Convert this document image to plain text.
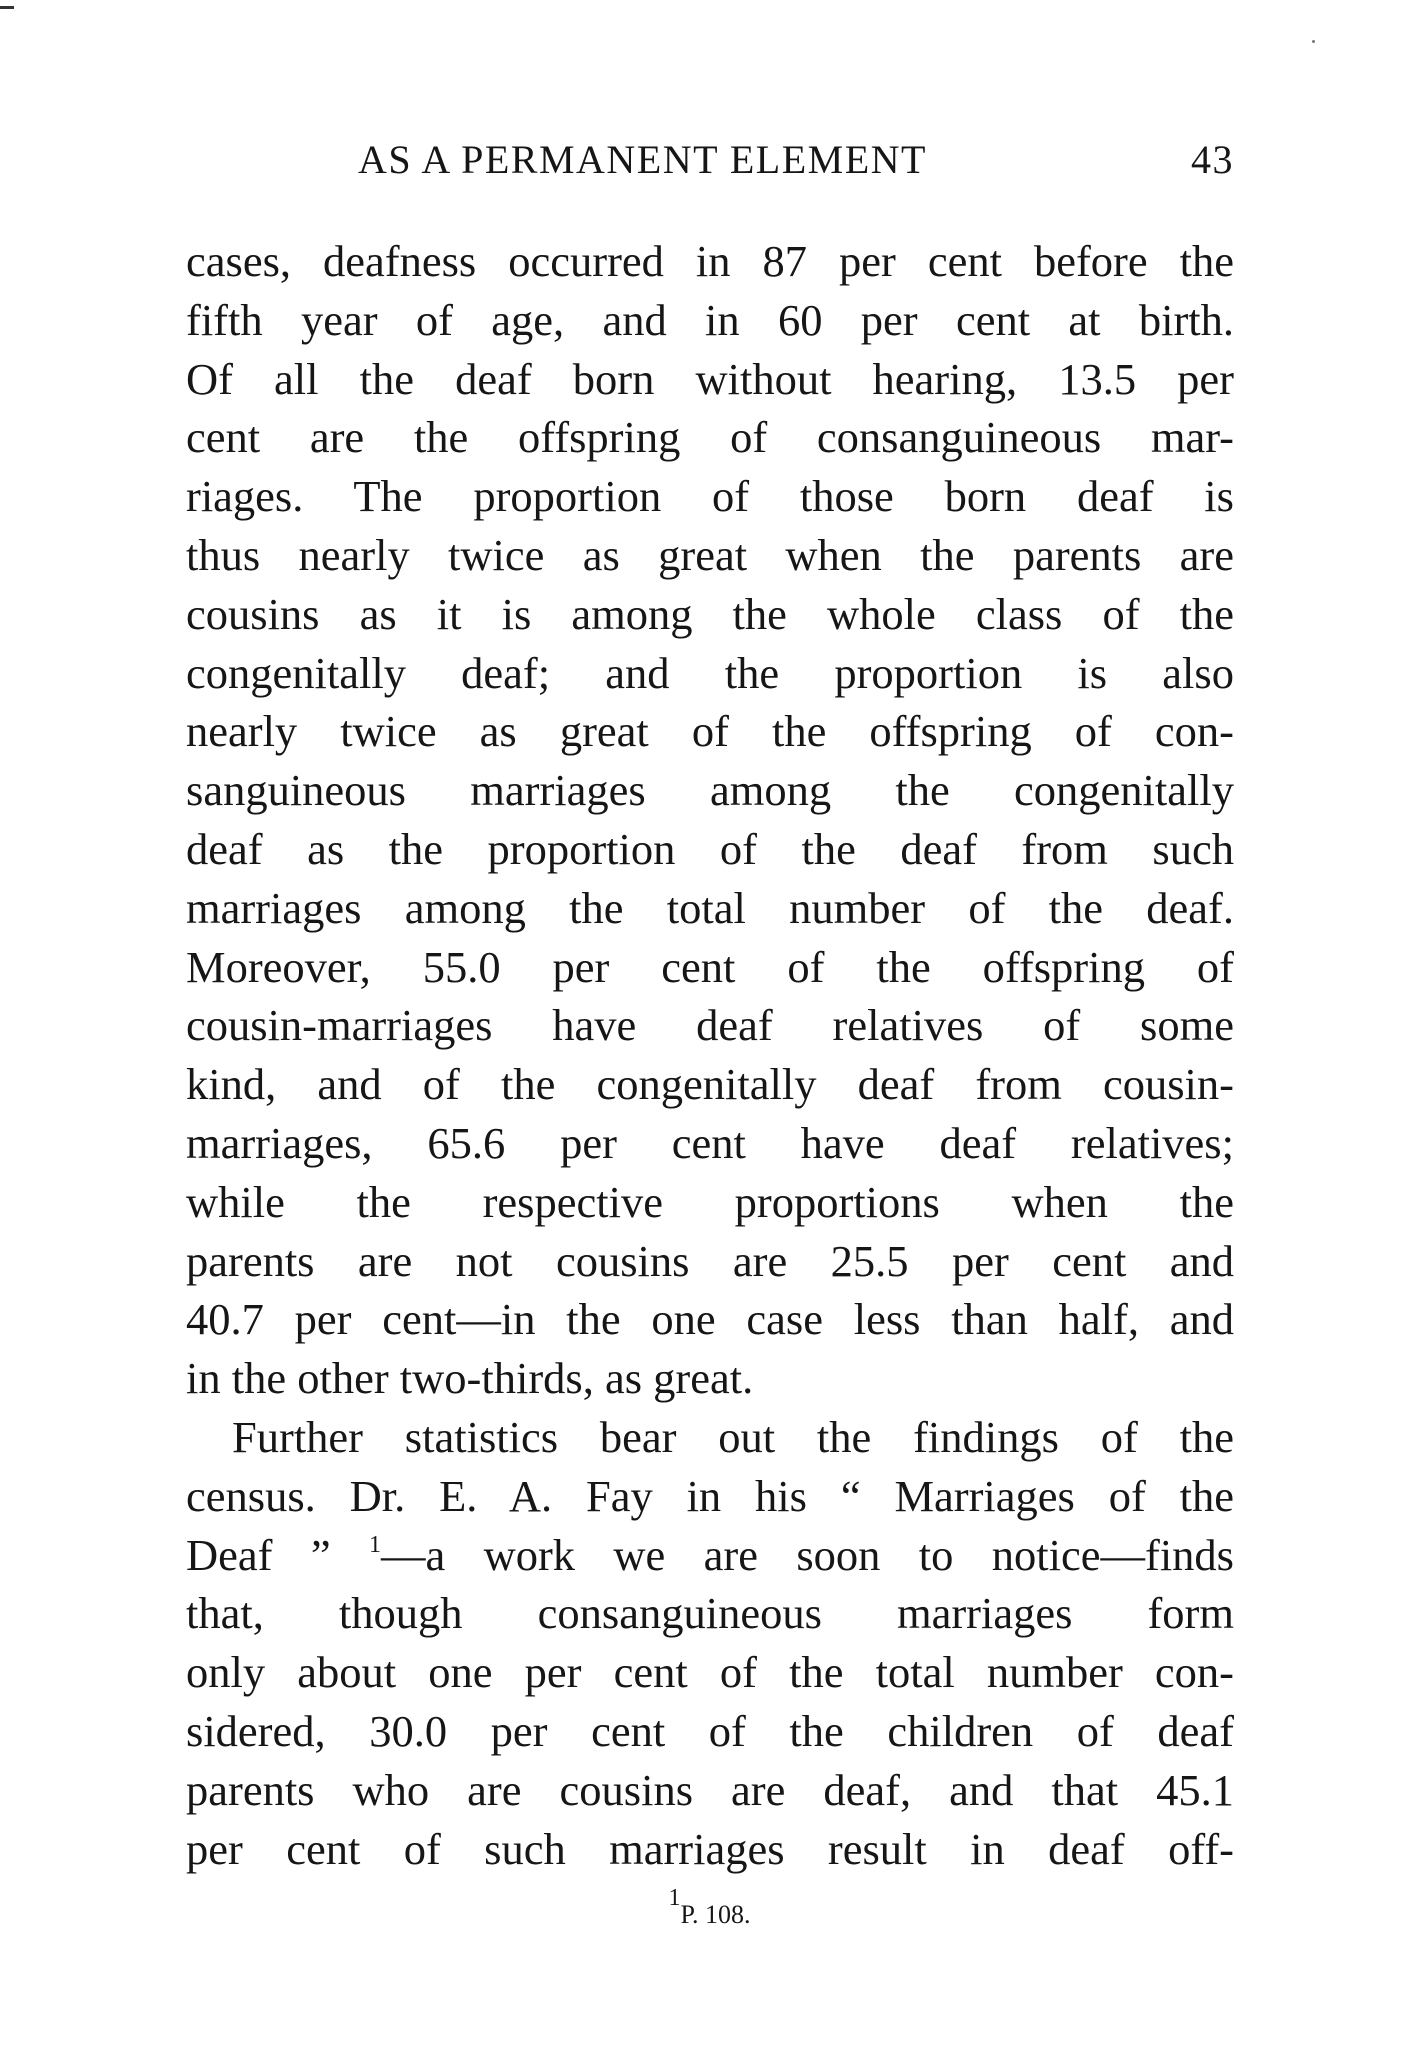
AS A PERMANENT ELEMENT	43
cases, deafness occurred in 87 per cent before the
fifth year of age, and in 60 per cent at birth.
Of all the deaf born without hearing, 13.5 per
cent are the offspring of consanguineous mar-
riages. The proportion of those born deaf is
thus nearly twice as great when the parents are
cousins as it is among the whole class of the
congenitally deaf; and the proportion is also
nearly twice as great of the offspring of con-
sanguineous marriages among the congenitally
deaf as the proportion of the deaf from such
marriages among the total number of the deaf.
Moreover, 55.0 per cent of the offspring of
cousin-marriages have deaf relatives of some
kind, and of the congenitally deaf from cousin-
marriages, 65.6 per cent have deaf relatives;
while the respective proportions when the
parents are not cousins are 25.5 per cent and
40.7 per cent—in the one case less than half, and
in the other two-thirds, as great.
Further statistics bear out the findings of the
census. Dr. E. A. Fay in his “ Marriages of the
Deaf ” $^1$—a work we are soon to notice—finds
that, though consanguineous marriages form
only about one per cent of the total number con-
sidered, 30.0 per cent of the children of deaf
parents who are cousins are deaf, and that 45.1
per cent of such marriages result in deaf off-
1P. 108.
